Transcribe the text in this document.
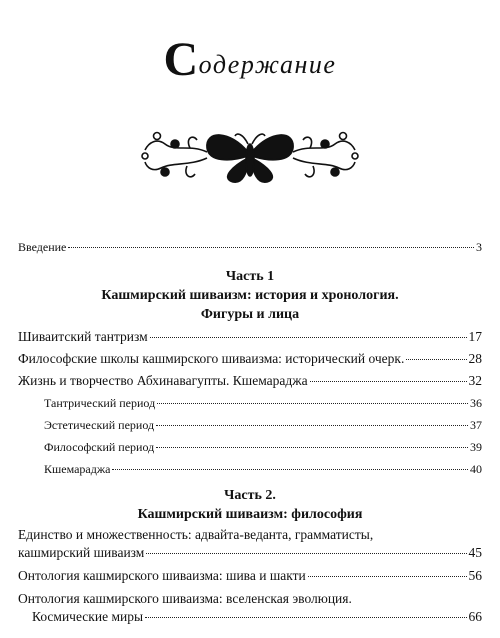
Содержание
Введение	3
Часть 1
Кашмирский шиваизм: история и хронология.
Фигуры и лица
Шиваитский тантризм	17
Философские школы кашмирского шиваизма: исторический очерк.	28
Жизнь и творчество Абхинавагупты. Кшемараджа	32
Тантрический период	36
Эстетический период	37
Философский период	39
Кшемараджа	40
Часть 2.
Кашмирский шиваизм: философия
Единство и множественность: адвайта-веданта, грамматисты,
кашмирский шиваизм	45
Онтология кашмирского шиваизма: шива и шакти	56
Онтология кашмирского шиваизма: вселенская эволюция.
Космические миры	66
